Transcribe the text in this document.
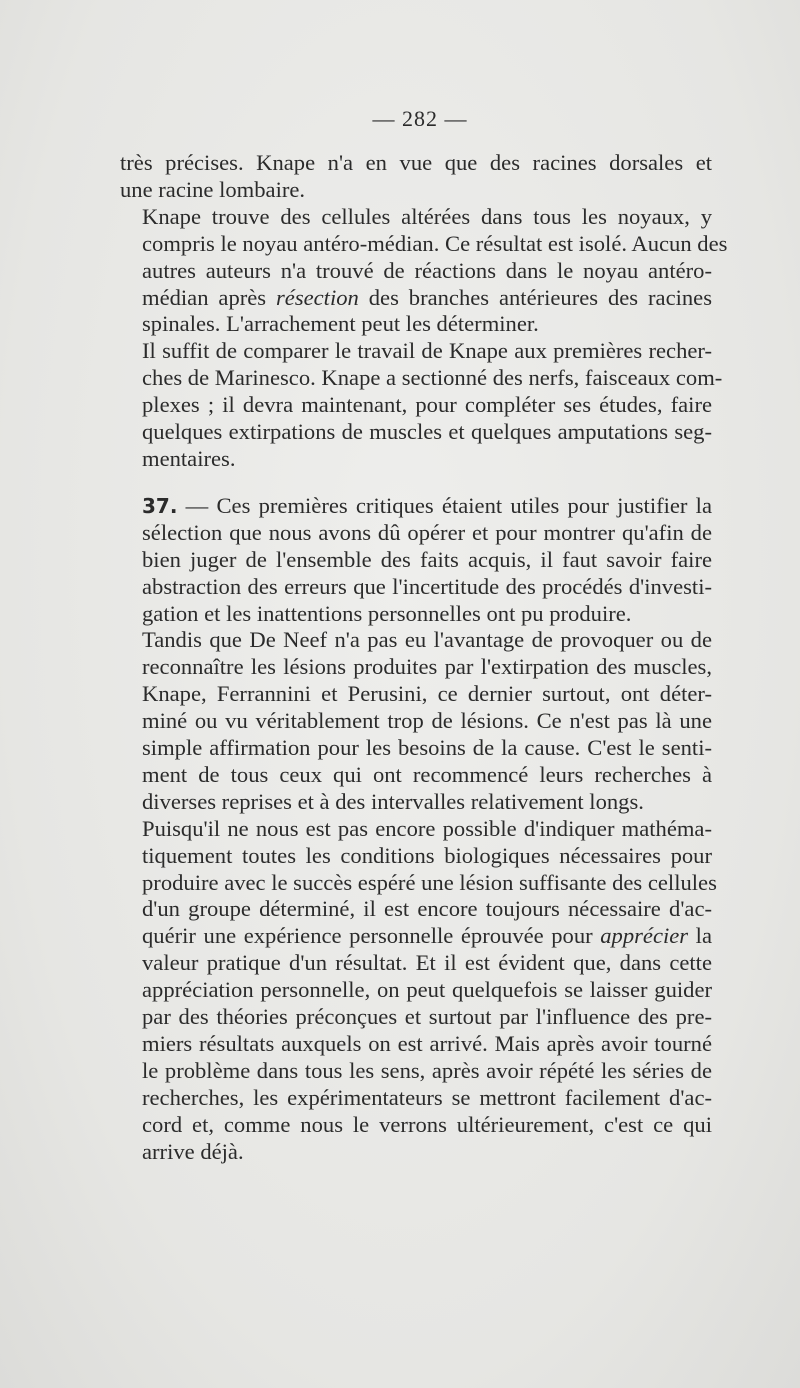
— 282 —

très précises. Knape n'a en vue que des racines dorsales et
une racine lombaire.

Knape trouve des cellules altérées dans tous les noyaux, y
compris le noyau antéro-médian. Ce résultat est isolé. Aucun des
autres auteurs n'a trouvé de réactions dans le noyau antéro-
médian après résection des branches antérieures des racines
spinales. L'arrachement peut les déterminer.

Il suffit de comparer le travail de Knape aux premières recher-
ches de Marinesco. Knape a sectionné des nerfs, faisceaux com-
plexes ; il devra maintenant, pour compléter ses études, faire
quelques extirpations de muscles et quelques amputations seg-
mentaires.

37. — Ces premières critiques étaient utiles pour justifier la
sélection que nous avons dû opérer et pour montrer qu'afin de
bien juger de l'ensemble des faits acquis, il faut savoir faire
abstraction des erreurs que l'incertitude des procédés d'investi-
gation et les inattentions personnelles ont pu produire.

Tandis que De Neef n'a pas eu l'avantage de provoquer ou de
reconnaître les lésions produites par l'extirpation des muscles,
Knape, Ferrannini et Perusini, ce dernier surtout, ont déter-
miné ou vu véritablement trop de lésions. Ce n'est pas là une
simple affirmation pour les besoins de la cause. C'est le senti-
ment de tous ceux qui ont recommencé leurs recherches à
diverses reprises et à des intervalles relativement longs.

Puisqu'il ne nous est pas encore possible d'indiquer mathéma-
tiquement toutes les conditions biologiques nécessaires pour
produire avec le succès espéré une lésion suffisante des cellules
d'un groupe déterminé, il est encore toujours nécessaire d'ac-
quérir une expérience personnelle éprouvée pour apprécier la
valeur pratique d'un résultat. Et il est évident que, dans cette
appréciation personnelle, on peut quelquefois se laisser guider
par des théories préconçues et surtout par l'influence des pre-
miers résultats auxquels on est arrivé. Mais après avoir tourné
le problème dans tous les sens, après avoir répété les séries de
recherches, les expérimentateurs se mettront facilement d'ac-
cord et, comme nous le verrons ultérieurement, c'est ce qui
arrive déjà.
